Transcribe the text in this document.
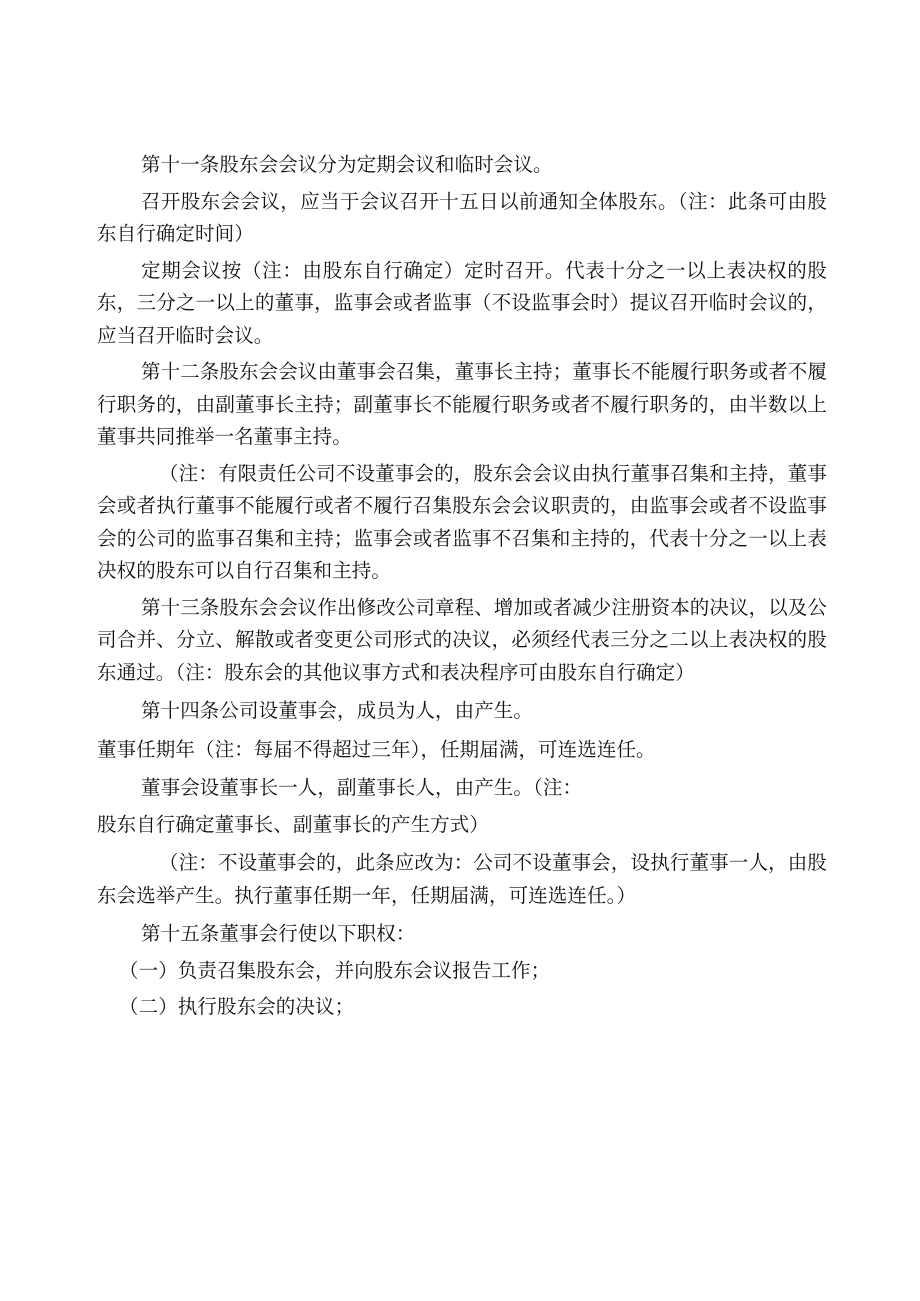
第十一条股东会会议分为定期会议和临时会议。

召开股东会会议，应当于会议召开十五日以前通知全体股东。（注：此条可由股东自行确定时间）

定期会议按（注：由股东自行确定）定时召开。代表十分之一以上表决权的股东，三分之一以上的董事，监事会或者监事（不设监事会时）提议召开临时会议的，应当召开临时会议。

第十二条股东会会议由董事会召集，董事长主持；董事长不能履行职务或者不履行职务的，由副董事长主持；副董事长不能履行职务或者不履行职务的，由半数以上董事共同推举一名董事主持。

（注：有限责任公司不设董事会的，股东会会议由执行董事召集和主持，董事会或者执行董事不能履行或者不履行召集股东会会议职责的，由监事会或者不设监事会的公司的监事召集和主持；监事会或者监事不召集和主持的，代表十分之一以上表决权的股东可以自行召集和主持。

第十三条股东会会议作出修改公司章程、增加或者减少注册资本的决议，以及公司合并、分立、解散或者变更公司形式的决议，必须经代表三分之二以上表决权的股东通过。（注：股东会的其他议事方式和表决程序可由股东自行确定）

第十四条公司设董事会，成员为人，由产生。

董事任期年（注：每届不得超过三年），任期届满，可连选连任。

董事会设董事长一人，副董事长人，由产生。（注：

股东自行确定董事长、副董事长的产生方式）

（注：不设董事会的，此条应改为：公司不设董事会，设执行董事一人，由股东会选举产生。执行董事任期一年，任期届满，可连选连任。）

第十五条董事会行使以下职权：

（一）负责召集股东会，并向股东会议报告工作；

（二）执行股东会的决议；
